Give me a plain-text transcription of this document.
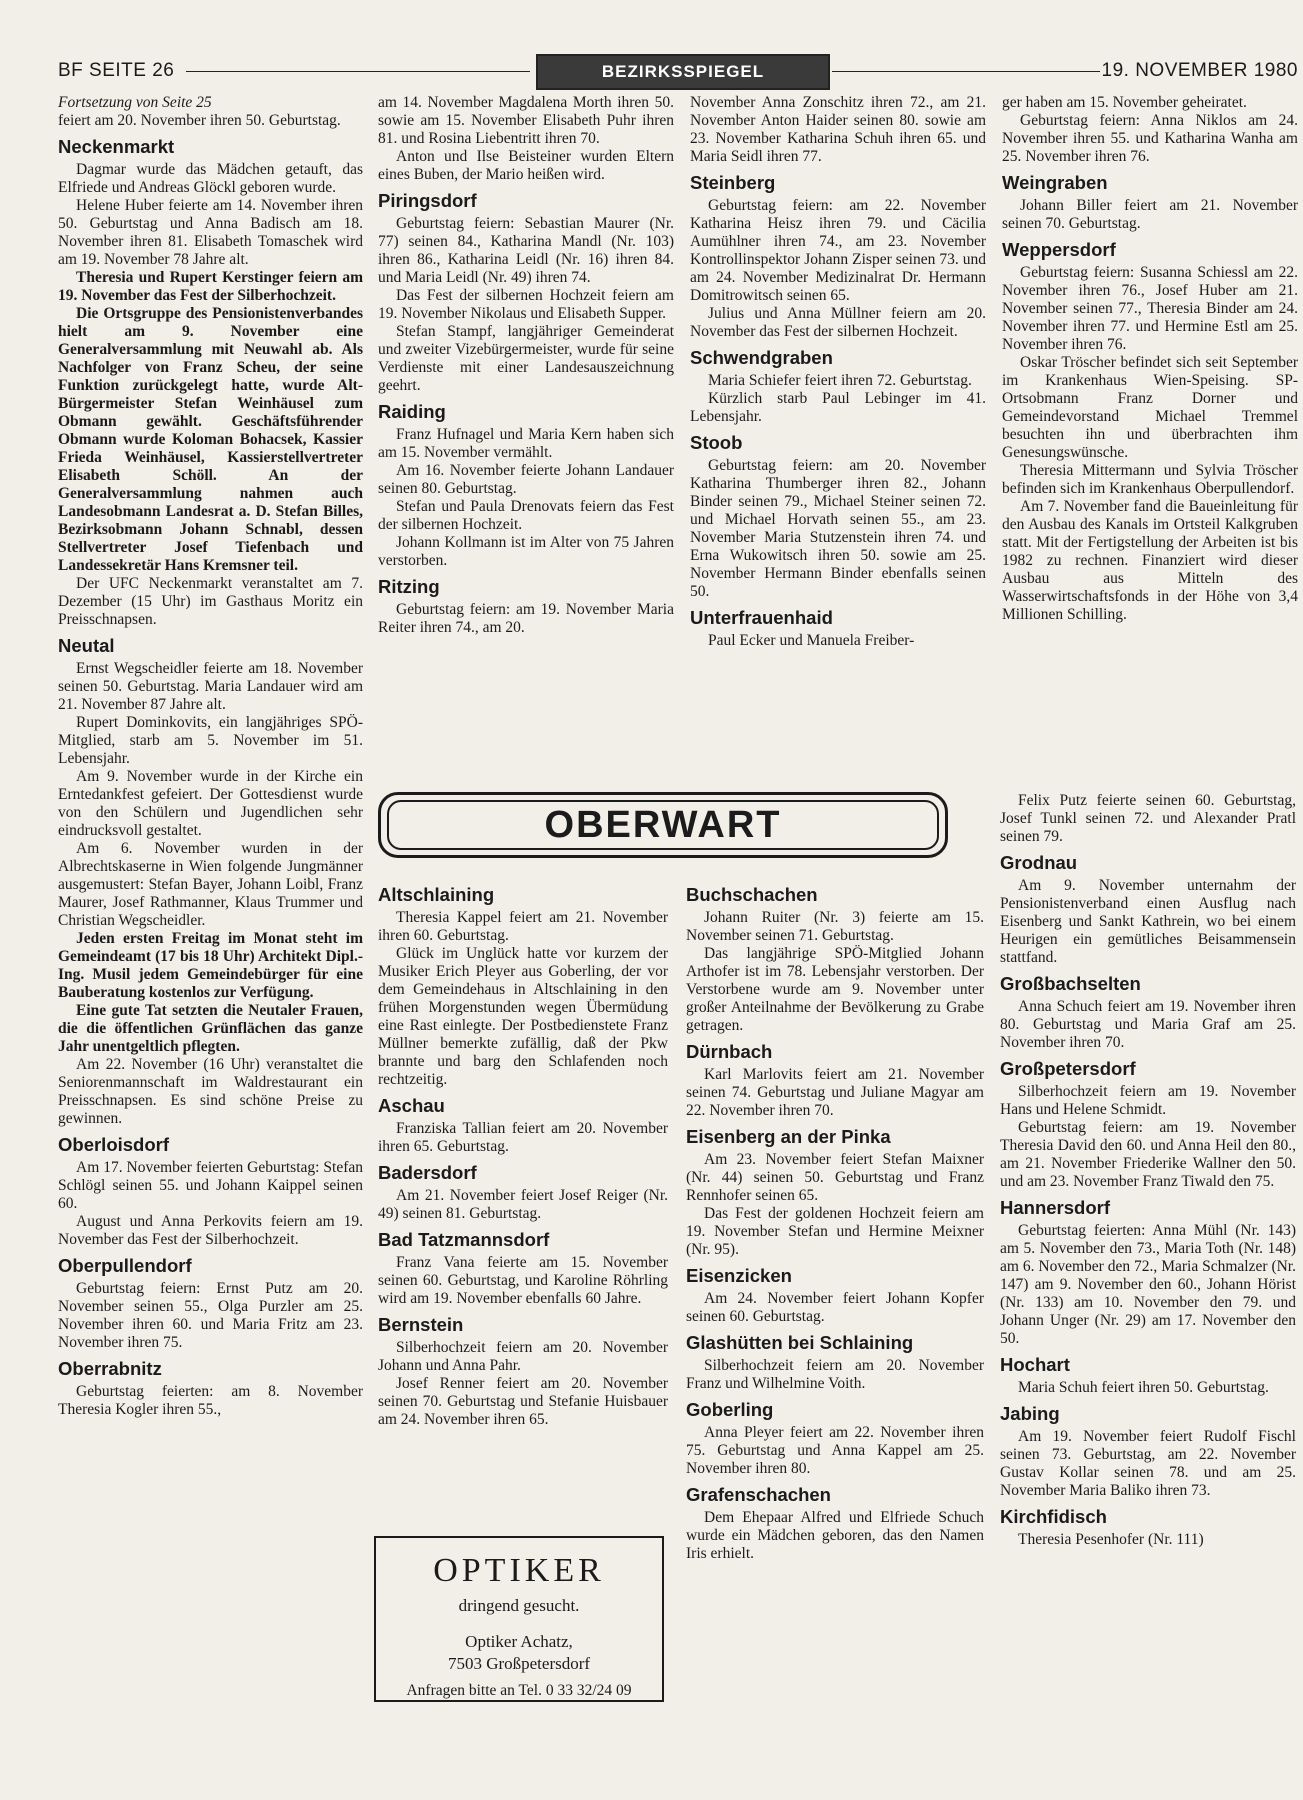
BF SEITE 26	BEZIRKSSPIEGEL	19. NOVEMBER 1980

Fortsetzung von Seite 25

feiert am 20. November ihren 50. Geburtstag.

Neckenmarkt

Dagmar wurde das Mädchen getauft, das Elfriede und Andreas Glöckl geboren wurde.

Helene Huber feierte am 14. November ihren 50. Geburtstag und Anna Badisch am 18. November ihren 81. Elisabeth Tomaschek wird am 19. November 78 Jahre alt.

Theresia und Rupert Kerstinger feiern am 19. November das Fest der Silberhochzeit.

Die Ortsgruppe des Pensionistenverbandes hielt am 9. November eine Generalversammlung mit Neuwahl ab. Als Nachfolger von Franz Scheu, der seine Funktion zurückgelegt hatte, wurde Alt-Bürgermeister Stefan Weinhäusel zum Obmann gewählt. Geschäftsführender Obmann wurde Koloman Bohacsek, Kassier Frieda Weinhäusel, Kassierstellvertreter Elisabeth Schöll. An der Generalversammlung nahmen auch Landesobmann Landesrat a. D. Stefan Billes, Bezirksobmann Johann Schnabl, dessen Stellvertreter Josef Tiefenbach und Landessekretär Hans Kremsner teil.

Der UFC Neckenmarkt veranstaltet am 7. Dezember (15 Uhr) im Gasthaus Moritz ein Preisschnapsen.

Neutal

Ernst Wegscheidler feierte am 18. November seinen 50. Geburtstag. Maria Landauer wird am 21. November 87 Jahre alt.

Rupert Dominkovits, ein langjähriges SPÖ-Mitglied, starb am 5. November im 51. Lebensjahr.

Am 9. November wurde in der Kirche ein Erntedankfest gefeiert. Der Gottesdienst wurde von den Schülern und Jugendlichen sehr eindrucksvoll gestaltet.

Am 6. November wurden in der Albrechtskaserne in Wien folgende Jungmänner ausgemustert: Stefan Bayer, Johann Loibl, Franz Maurer, Josef Rathmanner, Klaus Trummer und Christian Wegscheidler.

Jeden ersten Freitag im Monat steht im Gemeindeamt (17 bis 18 Uhr) Architekt Dipl.-Ing. Musil jedem Gemeindebürger für eine Bauberatung kostenlos zur Verfügung.

Eine gute Tat setzten die Neutaler Frauen, die die öffentlichen Grünflächen das ganze Jahr unentgeltlich pflegten.

Am 22. November (16 Uhr) veranstaltet die Seniorenmannschaft im Waldrestaurant ein Preisschnapsen. Es sind schöne Preise zu gewinnen.

Oberloisdorf

Am 17. November feierten Geburtstag: Stefan Schlögl seinen 55. und Johann Kaippel seinen 60.

August und Anna Perkovits feiern am 19. November das Fest der Silberhochzeit.

Oberpullendorf

Geburtstag feiern: Ernst Putz am 20. November seinen 55., Olga Purzler am 25. November ihren 60. und Maria Fritz am 23. November ihren 75.

Oberrabnitz

Geburtstag feierten: am 8. November Theresia Kogler ihren 55.,

am 14. November Magdalena Morth ihren 50. sowie am 15. November Elisabeth Puhr ihren 81. und Rosina Liebentritt ihren 70.

Anton und Ilse Beisteiner wurden Eltern eines Buben, der Mario heißen wird.

Piringsdorf

Geburtstag feiern: Sebastian Maurer (Nr. 77) seinen 84., Katharina Mandl (Nr. 103) ihren 86., Katharina Leidl (Nr. 16) ihren 84. und Maria Leidl (Nr. 49) ihren 74.

Das Fest der silbernen Hochzeit feiern am 19. November Nikolaus und Elisabeth Supper.

Stefan Stampf, langjähriger Gemeinderat und zweiter Vizebürgermeister, wurde für seine Verdienste mit einer Landesauszeichnung geehrt.

Raiding

Franz Hufnagel und Maria Kern haben sich am 15. November vermählt.

Am 16. November feierte Johann Landauer seinen 80. Geburtstag.

Stefan und Paula Drenovats feiern das Fest der silbernen Hochzeit.

Johann Kollmann ist im Alter von 75 Jahren verstorben.

Ritzing

Geburtstag feiern: am 19. November Maria Reiter ihren 74., am 20.

November Anna Zonschitz ihren 72., am 21. November Anton Haider seinen 80. sowie am 23. November Katharina Schuh ihren 65. und Maria Seidl ihren 77.

Steinberg

Geburtstag feiern: am 22. November Katharina Heisz ihren 79. und Cäcilia Aumühlner ihren 74., am 23. November Kontrollinspektor Johann Zisper seinen 73. und am 24. November Medizinalrat Dr. Hermann Domitrowitsch seinen 65.

Julius und Anna Müllner feiern am 20. November das Fest der silbernen Hochzeit.

Schwendgraben

Maria Schiefer feiert ihren 72. Geburtstag.

Kürzlich starb Paul Lebinger im 41. Lebensjahr.

Stoob

Geburtstag feiern: am 20. November Katharina Thumberger ihren 82., Johann Binder seinen 79., Michael Steiner seinen 72. und Michael Horvath seinen 55., am 23. November Maria Stutzenstein ihren 74. und Erna Wukowitsch ihren 50. sowie am 25. November Hermann Binder ebenfalls seinen 50.

Unterfrauenhaid

Paul Ecker und Manuela Freiber-

ger haben am 15. November geheiratet.

Geburtstag feiern: Anna Niklos am 24. November ihren 55. und Katharina Wanha am 25. November ihren 76.

Weingraben

Johann Biller feiert am 21. November seinen 70. Geburtstag.

Weppersdorf

Geburtstag feiern: Susanna Schiessl am 22. November ihren 76., Josef Huber am 21. November seinen 77., Theresia Binder am 24. November ihren 77. und Hermine Estl am 25. November ihren 76.

Oskar Tröscher befindet sich seit September im Krankenhaus Wien-Speising. SP-Ortsobmann Franz Dorner und Gemeindevorstand Michael Tremmel besuchten ihn und überbrachten ihm Genesungswünsche.

Theresia Mittermann und Sylvia Tröscher befinden sich im Krankenhaus Oberpullendorf.

Am 7. November fand die Baueinleitung für den Ausbau des Kanals im Ortsteil Kalkgruben statt. Mit der Fertigstellung der Arbeiten ist bis 1982 zu rechnen. Finanziert wird dieser Ausbau aus Mitteln des Wasserwirtschaftsfonds in der Höhe von 3,4 Millionen Schilling.

OBERWART
Altschlaining

Theresia Kappel feiert am 21. November ihren 60. Geburtstag.

Glück im Unglück hatte vor kurzem der Musiker Erich Pleyer aus Goberling, der vor dem Gemeindehaus in Altschlaining in den frühen Morgenstunden wegen Übermüdung eine Rast einlegte. Der Postbedienstete Franz Müllner bemerkte zufällig, daß der Pkw brannte und barg den Schlafenden noch rechtzeitig.

Aschau

Franziska Tallian feiert am 20. November ihren 65. Geburtstag.

Badersdorf

Am 21. November feiert Josef Reiger (Nr. 49) seinen 81. Geburtstag.

Bad Tatzmannsdorf

Franz Vana feierte am 15. November seinen 60. Geburtstag, und Karoline Röhrling wird am 19. November ebenfalls 60 Jahre.

Bernstein

Silberhochzeit feiern am 20. November Johann und Anna Pahr.

Josef Renner feiert am 20. November seinen 70. Geburtstag und Stefanie Huisbauer am 24. November ihren 65.

OPTIKER
dringend gesucht.
Optiker Achatz,
7503 Großpetersdorf
Anfragen bitte an Tel. 0 33 32/24 09
Buchschachen

Johann Ruiter (Nr. 3) feierte am 15. November seinen 71. Geburtstag.

Das langjährige SPÖ-Mitglied Johann Arthofer ist im 78. Lebensjahr verstorben. Der Verstorbene wurde am 9. November unter großer Anteilnahme der Bevölkerung zu Grabe getragen.

Dürnbach

Karl Marlovits feiert am 21. November seinen 74. Geburtstag und Juliane Magyar am 22. November ihren 70.

Eisenberg an der Pinka

Am 23. November feiert Stefan Maixner (Nr. 44) seinen 50. Geburtstag und Franz Rennhofer seinen 65.

Das Fest der goldenen Hochzeit feiern am 19. November Stefan und Hermine Meixner (Nr. 95).

Eisenzicken

Am 24. November feiert Johann Kopfer seinen 60. Geburtstag.

Glashütten bei Schlaining

Silberhochzeit feiern am 20. November Franz und Wilhelmine Voith.

Goberling

Anna Pleyer feiert am 22. November ihren 75. Geburtstag und Anna Kappel am 25. November ihren 80.

Grafenschachen

Dem Ehepaar Alfred und Elfriede Schuch wurde ein Mädchen geboren, das den Namen Iris erhielt.

Felix Putz feierte seinen 60. Geburtstag, Josef Tunkl seinen 72. und Alexander Pratl seinen 79.

Grodnau

Am 9. November unternahm der Pensionistenverband einen Ausflug nach Eisenberg und Sankt Kathrein, wo bei einem Heurigen ein gemütliches Beisammensein stattfand.

Großbachselten

Anna Schuch feiert am 19. November ihren 80. Geburtstag und Maria Graf am 25. November ihren 70.

Großpetersdorf

Silberhochzeit feiern am 19. November Hans und Helene Schmidt.

Geburtstag feiern: am 19. November Theresia David den 60. und Anna Heil den 80., am 21. November Friederike Wallner den 50. und am 23. November Franz Tiwald den 75.

Hannersdorf

Geburtstag feierten: Anna Mühl (Nr. 143) am 5. November den 73., Maria Toth (Nr. 148) am 6. November den 72., Maria Schmalzer (Nr. 147) am 9. November den 60., Johann Hörist (Nr. 133) am 10. November den 79. und Johann Unger (Nr. 29) am 17. November den 50.

Hochart

Maria Schuh feiert ihren 50. Geburtstag.

Jabing

Am 19. November feiert Rudolf Fischl seinen 73. Geburtstag, am 22. November Gustav Kollar seinen 78. und am 25. November Maria Baliko ihren 73.

Kirchfidisch

Theresia Pesenhofer (Nr. 111)
